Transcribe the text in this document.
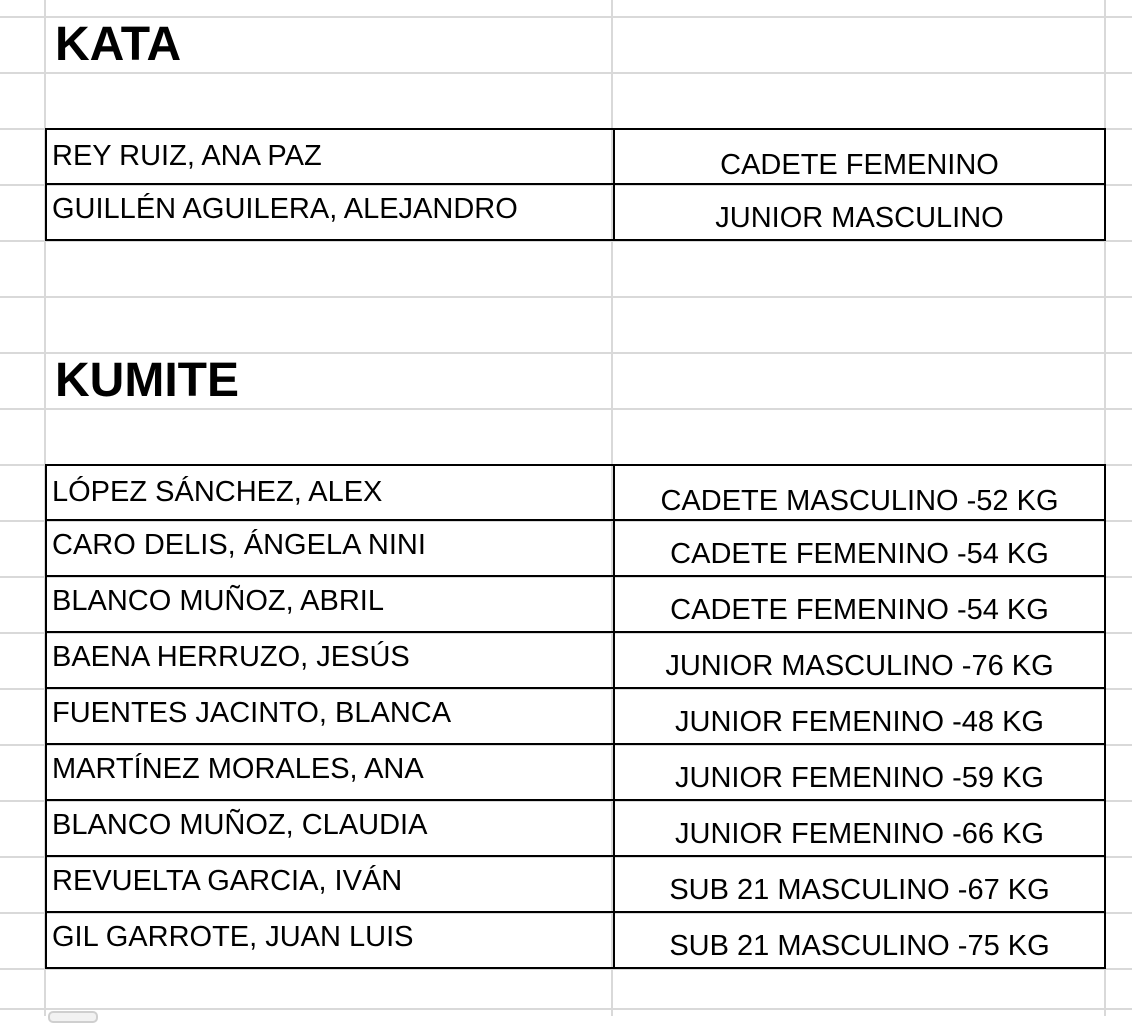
KATA
REY RUIZ, ANA PAZ	CADETE FEMENINO
GUILLÉN AGUILERA, ALEJANDRO	JUNIOR MASCULINO
KUMITE
LÓPEZ SÁNCHEZ, ALEX	CADETE MASCULINO -52 KG
CARO DELIS, ÁNGELA NINI	CADETE FEMENINO -54 KG
BLANCO MUÑOZ, ABRIL	CADETE FEMENINO -54 KG
BAENA HERRUZO, JESÚS	JUNIOR MASCULINO -76 KG
FUENTES JACINTO, BLANCA	JUNIOR FEMENINO -48 KG
MARTÍNEZ MORALES, ANA	JUNIOR FEMENINO -59 KG
BLANCO MUÑOZ, CLAUDIA	JUNIOR FEMENINO -66 KG
REVUELTA GARCIA, IVÁN	SUB 21 MASCULINO -67 KG
GIL GARROTE, JUAN LUIS	SUB 21 MASCULINO -75 KG
